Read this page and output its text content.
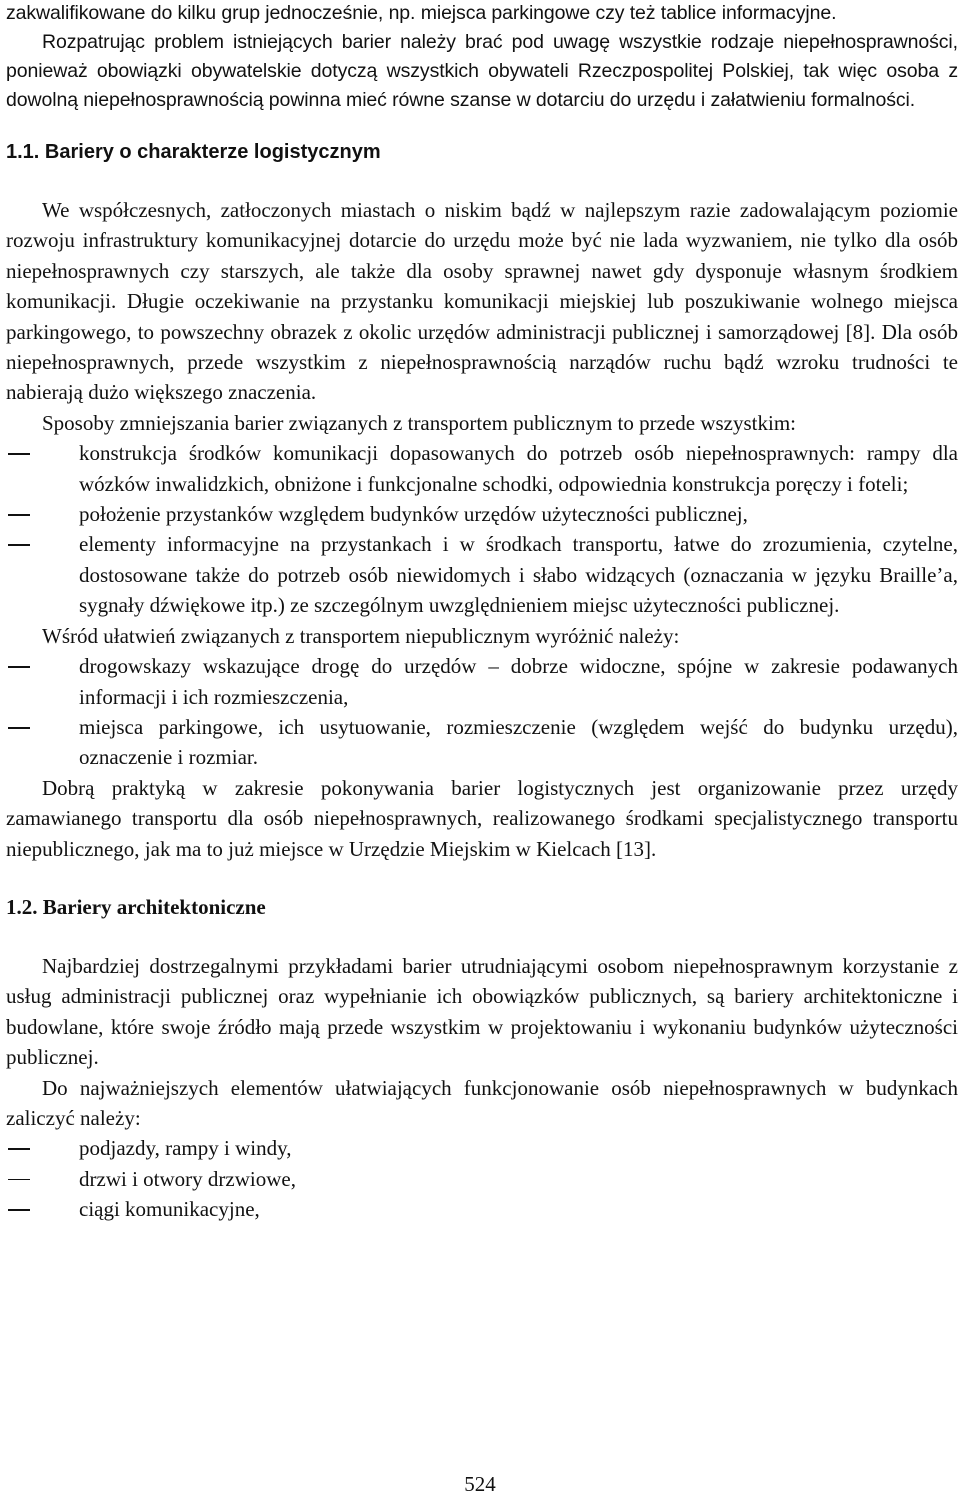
zakwalifikowane do kilku grup jednocześnie, np. miejsca parkingowe czy też tablice informacyjne.

Rozpatrując problem istniejących barier należy brać pod uwagę wszystkie rodzaje niepełnosprawności, ponieważ obowiązki obywatelskie dotyczą wszystkich obywateli Rzeczpospolitej Polskiej, tak więc osoba z dowolną niepełnosprawnością powinna mieć równe szanse w dotarciu do urzędu i załatwieniu formalności.

1.1. Bariery o charakterze logistycznym

We współczesnych, zatłoczonych miastach o niskim bądź w najlepszym razie zadowalającym poziomie rozwoju infrastruktury komunikacyjnej dotarcie do urzędu może być nie lada wyzwaniem, nie tylko dla osób niepełnosprawnych czy starszych, ale także dla osoby sprawnej nawet gdy dysponuje własnym środkiem komunikacji. Długie oczekiwanie na przystanku komunikacji miejskiej lub poszukiwanie wolnego miejsca parkingowego, to powszechny obrazek z okolic urzędów administracji publicznej i samorządowej [8]. Dla osób niepełnosprawnych, przede wszystkim z niepełnosprawnością narządów ruchu bądź wzroku trudności te nabierają dużo większego znaczenia.

Sposoby zmniejszania barier związanych z transportem publicznym to przede wszystkim:

konstrukcja środków komunikacji dopasowanych do potrzeb osób niepełnosprawnych: rampy dla wózków inwalidzkich, obniżone i funkcjonalne schodki, odpowiednia konstrukcja poręczy i foteli;
położenie przystanków względem budynków urzędów użyteczności publicznej,
elementy informacyjne na przystankach i w środkach transportu, łatwe do zrozumienia, czytelne, dostosowane także do potrzeb osób niewidomych i słabo widzących (oznaczania w języku Braille’a, sygnały dźwiękowe itp.) ze szczególnym uwzględnieniem miejsc użyteczności publicznej.

Wśród ułatwień związanych z transportem niepublicznym wyróżnić należy:

drogowskazy wskazujące drogę do urzędów – dobrze widoczne, spójne w zakresie podawanych informacji i ich rozmieszczenia,
miejsca parkingowe, ich usytuowanie, rozmieszczenie (względem wejść do budynku urzędu), oznaczenie i rozmiar.

Dobrą praktyką w zakresie pokonywania barier logistycznych jest organizowanie przez urzędy zamawianego transportu dla osób niepełnosprawnych, realizowanego środkami specjalistycznego transportu niepublicznego, jak ma to już miejsce w Urzędzie Miejskim w Kielcach [13].

1.2. Bariery architektoniczne

Najbardziej dostrzegalnymi przykładami barier utrudniającymi osobom niepełnosprawnym korzystanie z usług administracji publicznej oraz wypełnianie ich obowiązków publicznych, są bariery architektoniczne i budowlane, które swoje źródło mają przede wszystkim w projektowaniu i wykonaniu budynków użyteczności publicznej.

Do najważniejszych elementów ułatwiających funkcjonowanie osób niepełnosprawnych w budynkach zaliczyć należy:

podjazdy, rampy i windy,
drzwi i otwory drzwiowe,
ciągi komunikacyjne,
524
